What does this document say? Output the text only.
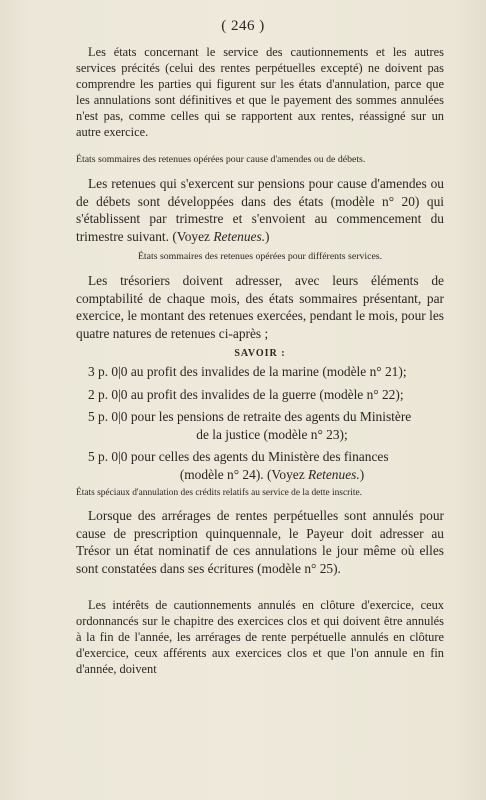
( 246 )

Les états concernant le service des cautionnements et les autres services précités (celui des rentes perpétuelles excepté) ne doivent pas comprendre les parties qui figurent sur les états d'annulation, parce que les annulations sont définitives et que le payement des sommes annulées n'est pas, comme celles qui se rapportent aux rentes, réassigné sur un autre exercice.

États sommaires des retenues opérées pour cause d'amendes ou de débets.

Les retenues qui s'exercent sur pensions pour cause d'amendes ou de débets sont développées dans des états (modèle n° 20) qui s'établissent par trimestre et s'envoient au commencement du trimestre suivant. (Voyez Retenues.)

États sommaires des retenues opérées pour différents services.

Les trésoriers doivent adresser, avec leurs éléments de comptabilité de chaque mois, des états sommaires présentant, par exercice, le montant des retenues exercées, pendant le mois, pour les quatre natures de retenues ci-après ;

SAVOIR :

3 p. 0|0 au profit des invalides de la marine (modèle n° 21);

2 p. 0|0 au profit des invalides de la guerre (modèle n° 22);

5 p. 0|0 pour les pensions de retraite des agents du Ministère
de la justice (modèle n° 23);

5 p. 0|0 pour celles des agents du Ministère des finances
(modèle n° 24). (Voyez Retenues.)

États spéciaux d'annulation des crédits relatifs au service de la dette inscrite.

Lorsque des arrérages de rentes perpétuelles sont annulés pour cause de prescription quinquennale, le Payeur doit adresser au Trésor un état nominatif de ces annulations le jour même où elles sont constatées dans ses écritures (modèle n° 25).

Les intérêts de cautionnements annulés en clôture d'exercice, ceux ordonnancés sur le chapitre des exercices clos et qui doivent être annulés à la fin de l'année, les arrérages de rente perpétuelle annulés en clôture d'exercice, ceux afférents aux exercices clos et que l'on annule en fin d'année, doivent
